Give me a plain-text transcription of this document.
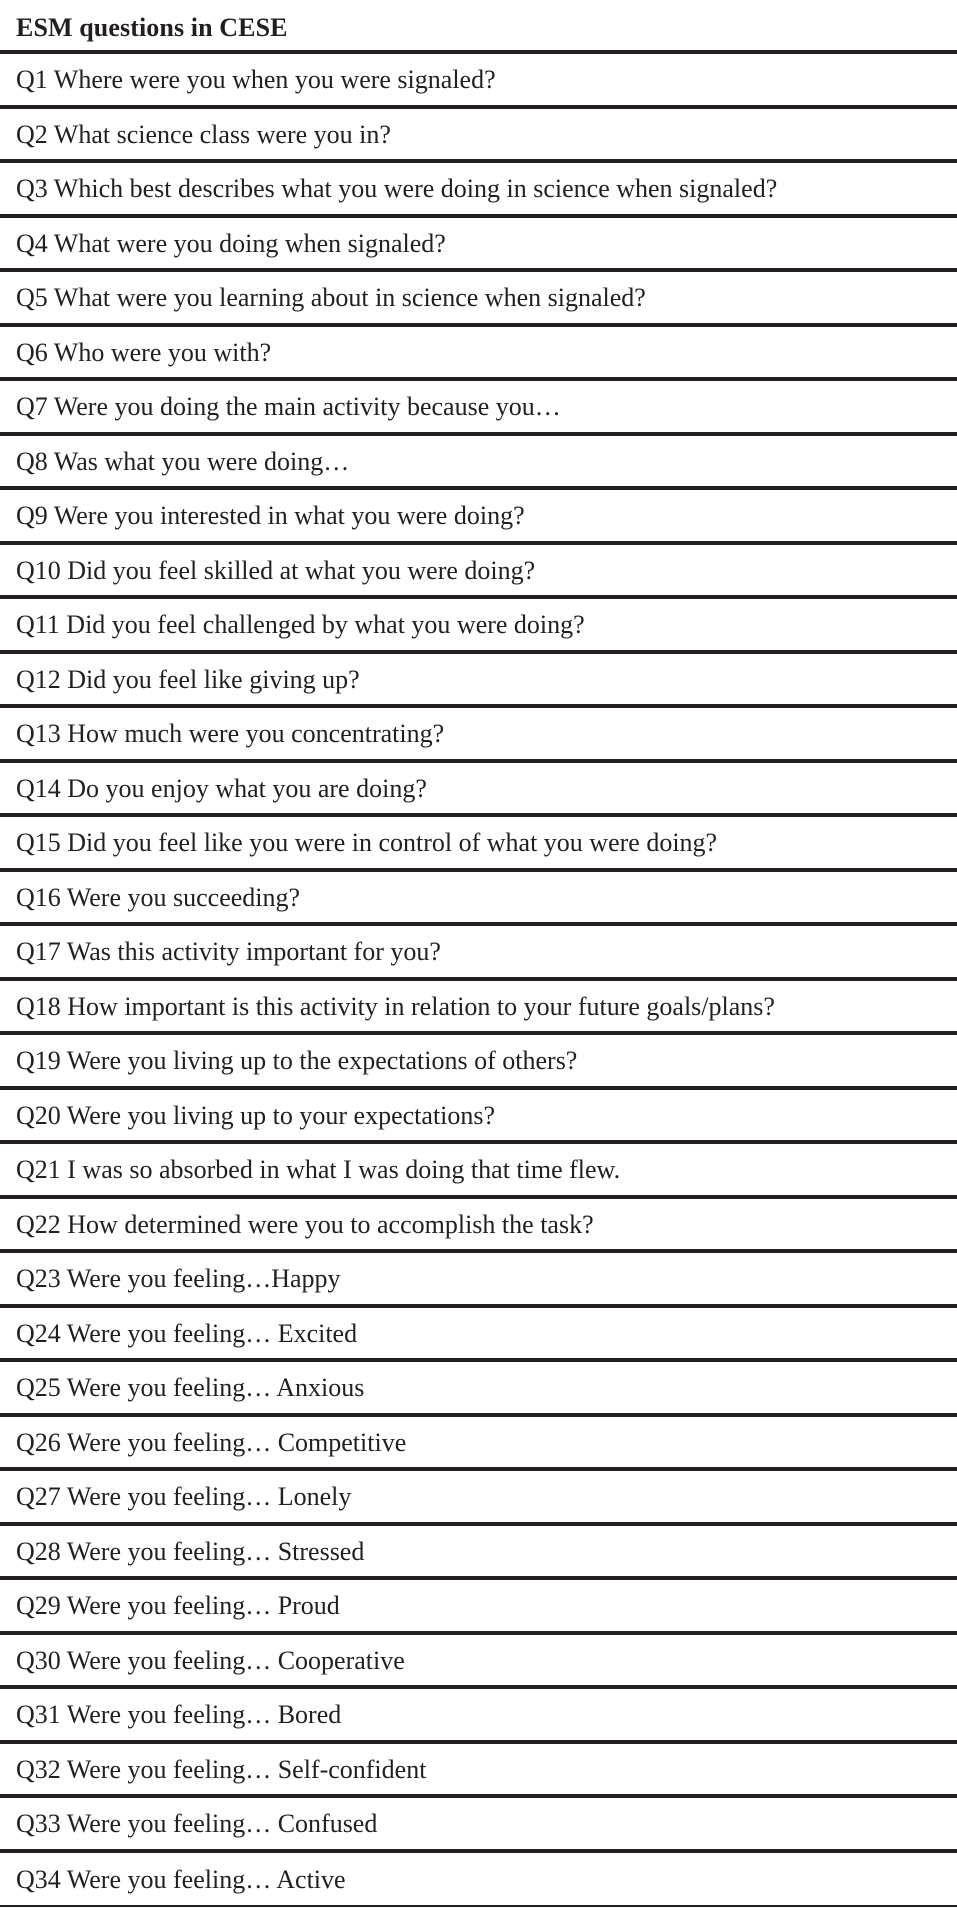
ESM questions in CESE
Q1 Where were you when you were signaled?
Q2 What science class were you in?
Q3 Which best describes what you were doing in science when signaled?
Q4 What were you doing when signaled?
Q5 What were you learning about in science when signaled?
Q6 Who were you with?
Q7 Were you doing the main activity because you…
Q8 Was what you were doing…
Q9 Were you interested in what you were doing?
Q10 Did you feel skilled at what you were doing?
Q11 Did you feel challenged by what you were doing?
Q12 Did you feel like giving up?
Q13 How much were you concentrating?
Q14 Do you enjoy what you are doing?
Q15 Did you feel like you were in control of what you were doing?
Q16 Were you succeeding?
Q17 Was this activity important for you?
Q18 How important is this activity in relation to your future goals/plans?
Q19 Were you living up to the expectations of others?
Q20 Were you living up to your expectations?
Q21 I was so absorbed in what I was doing that time flew.
Q22 How determined were you to accomplish the task?
Q23 Were you feeling…Happy
Q24 Were you feeling… Excited
Q25 Were you feeling… Anxious
Q26 Were you feeling… Competitive
Q27 Were you feeling… Lonely
Q28 Were you feeling… Stressed
Q29 Were you feeling… Proud
Q30 Were you feeling… Cooperative
Q31 Were you feeling… Bored
Q32 Were you feeling… Self-confident
Q33 Were you feeling… Confused
Q34 Were you feeling… Active
